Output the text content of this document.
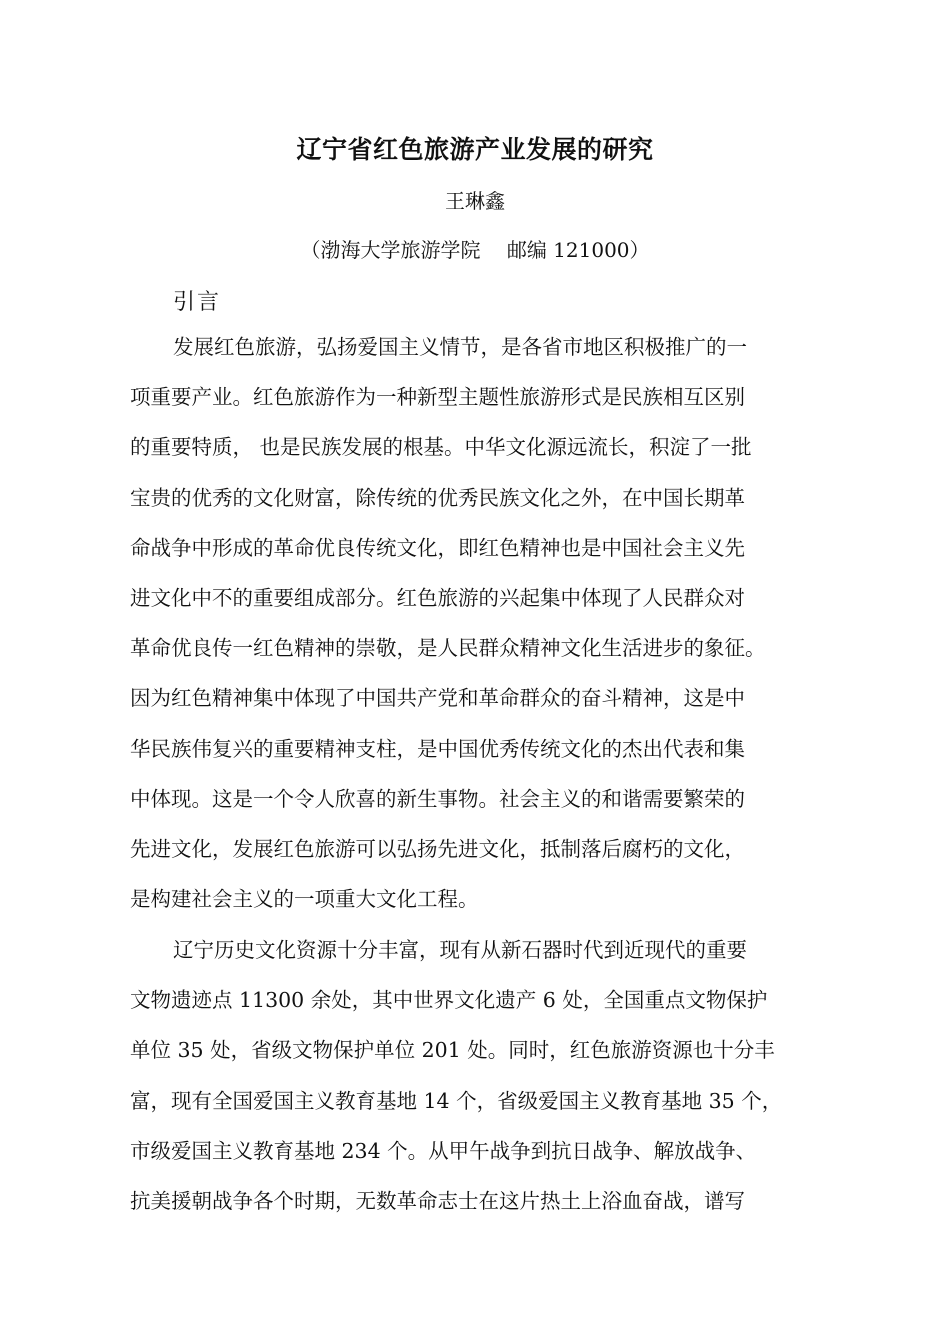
辽宁省红色旅游产业发展的研究
王琳鑫
（渤海大学旅游学院　 邮编 121000）
引言
发展红色旅游，弘扬爱国主义情节，是各省市地区积极推广的一
项重要产业。红色旅游作为一种新型主题性旅游形式是民族相互区别
的重要特质， 也是民族发展的根基。中华文化源远流长，积淀了一批
宝贵的优秀的文化财富，除传统的优秀民族文化之外，在中国长期革
命战争中形成的革命优良传统文化，即红色精神也是中国社会主义先
进文化中不的重要组成部分。红色旅游的兴起集中体现了人民群众对
革命优良传一红色精神的崇敬，是人民群众精神文化生活进步的象征。
因为红色精神集中体现了中国共产党和革命群众的奋斗精神，这是中
华民族伟复兴的重要精神支柱，是中国优秀传统文化的杰出代表和集
中体现。这是一个令人欣喜的新生事物。社会主义的和谐需要繁荣的
先进文化，发展红色旅游可以弘扬先进文化，抵制落后腐朽的文化，
是构建社会主义的一项重大文化工程。
辽宁历史文化资源十分丰富，现有从新石器时代到近现代的重要
文物遗迹点 11300 余处，其中世界文化遗产 6 处，全国重点文物保护
单位 35 处，省级文物保护单位 201 处。同时，红色旅游资源也十分丰
富，现有全国爱国主义教育基地 14 个，省级爱国主义教育基地 35 个，
市级爱国主义教育基地 234 个。从甲午战争到抗日战争、解放战争、
抗美援朝战争各个时期，无数革命志士在这片热土上浴血奋战，谱写
